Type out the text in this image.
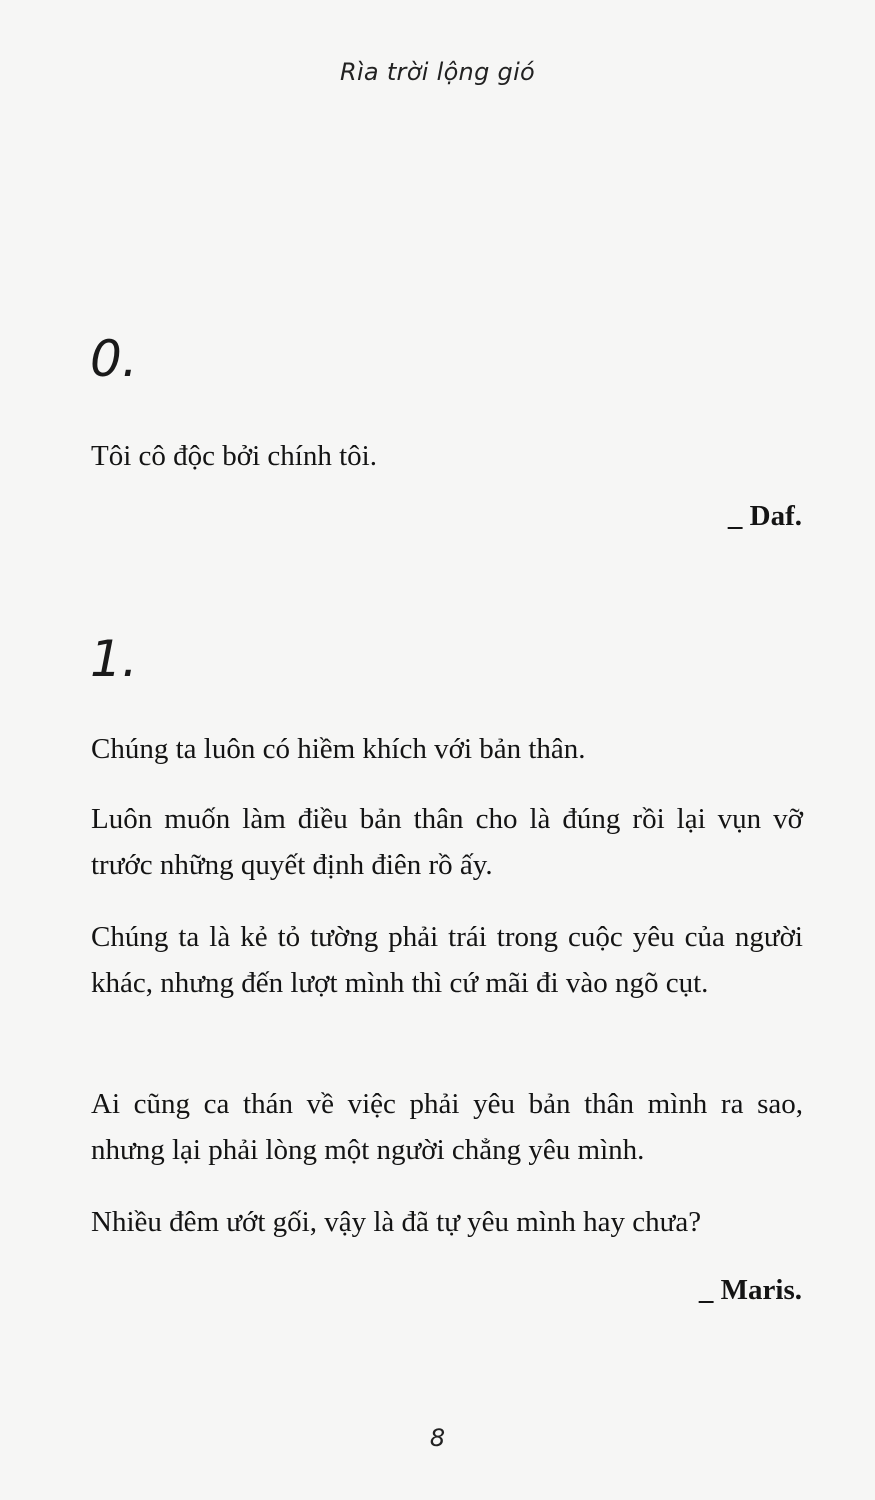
Rìa trời lộng gió
0.
Tôi cô độc bởi chính tôi.
_ Daf.
1.
Chúng ta luôn có hiềm khích với bản thân.
Luôn muốn làm điều bản thân cho là đúng rồi lại vụn vỡ trước những quyết định điên rồ ấy.
Chúng ta là kẻ tỏ tường phải trái trong cuộc yêu của người khác, nhưng đến lượt mình thì cứ mãi đi vào ngõ cụt.
Ai cũng ca thán về việc phải yêu bản thân mình ra sao, nhưng lại phải lòng một người chẳng yêu mình.
Nhiều đêm ướt gối, vậy là đã tự yêu mình hay chưa?
_ Maris.
8
